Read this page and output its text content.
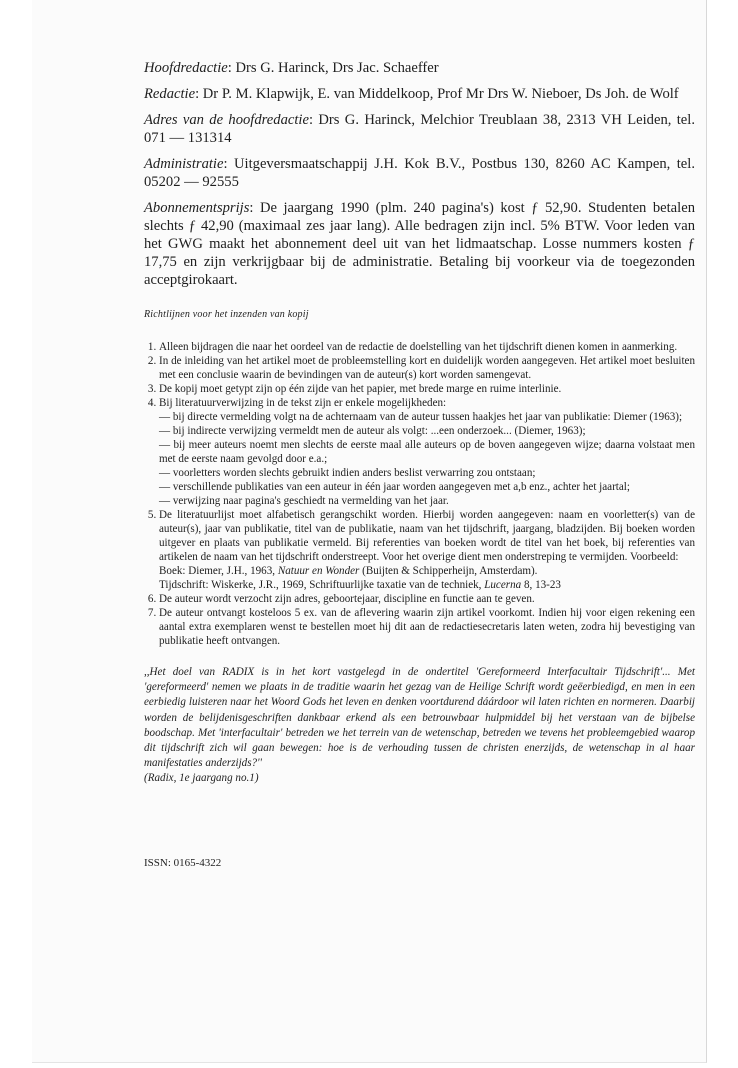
Hoofdredactie: Drs G. Harinck, Drs Jac. Schaeffer

Redactie: Dr P. M. Klapwijk, E. van Middelkoop, Prof Mr Drs W. Nieboer, Ds Joh. de Wolf

Adres van de hoofdredactie: Drs G. Harinck, Melchior Treublaan 38, 2313 VH Leiden, tel. 071 — 131314

Administratie: Uitgeversmaatschappij J.H. Kok B.V., Postbus 130, 8260 AC Kampen, tel. 05202 — 92555

Abonnementsprijs: De jaargang 1990 (plm. 240 pagina's) kost ƒ 52,90. Studenten betalen slechts ƒ 42,90 (maximaal zes jaar lang). Alle bedragen zijn incl. 5% BTW. Voor leden van het GWG maakt het abonnement deel uit van het lidmaatschap. Losse nummers kosten ƒ 17,75 en zijn verkrijgbaar bij de administratie. Betaling bij voorkeur via de toegezonden acceptgirokaart.

Richtlijnen voor het inzenden van kopij
1. Alleen bijdragen die naar het oordeel van de redactie de doelstelling van het tijdschrift dienen komen in aanmerking.
2. In de inleiding van het artikel moet de probleemstelling kort en duidelijk worden aangegeven. Het artikel moet besluiten met een conclusie waarin de bevindingen van de auteur(s) kort worden samengevat.
3. De kopij moet getypt zijn op één zijde van het papier, met brede marge en ruime interlinie.
4. Bij literatuurverwijzing in de tekst zijn er enkele mogelijkheden:
— bij directe vermelding volgt na de achternaam van de auteur tussen haakjes het jaar van publikatie: Diemer (1963);
— bij indirecte verwijzing vermeldt men de auteur als volgt: ...een onderzoek... (Diemer, 1963);
— bij meer auteurs noemt men slechts de eerste maal alle auteurs op de boven aangegeven wijze; daarna volstaat men met de eerste naam gevolgd door e.a.;
— voorletters worden slechts gebruikt indien anders beslist verwarring zou ontstaan;
— verschillende publikaties van een auteur in één jaar worden aangegeven met a,b enz., achter het jaartal;
— verwijzing naar pagina's geschiedt na vermelding van het jaar.
5. De literatuurlijst moet alfabetisch gerangschikt worden. Hierbij worden aangegeven: naam en voorletter(s) van de auteur(s), jaar van publikatie, titel van de publikatie, naam van het tijdschrift, jaargang, bladzijden. Bij boeken worden uitgever en plaats van publikatie vermeld. Bij referenties van boeken wordt de titel van het boek, bij referenties van artikelen de naam van het tijdschrift onderstreept. Voor het overige dient men onderstreping te vermijden. Voorbeeld:
Boek: Diemer, J.H., 1963, Natuur en Wonder (Buijten & Schipperheijn, Amsterdam).
Tijdschrift: Wiskerke, J.R., 1969, Schriftuurlijke taxatie van de techniek, Lucerna 8, 13-23
6. De auteur wordt verzocht zijn adres, geboortejaar, discipline en functie aan te geven.
7. De auteur ontvangt kosteloos 5 ex. van de aflevering waarin zijn artikel voorkomt. Indien hij voor eigen rekening een aantal extra exemplaren wenst te bestellen moet hij dit aan de redactiesecretaris laten weten, zodra hij bevestiging van publikatie heeft ontvangen.
,,Het doel van RADIX is in het kort vastgelegd in de ondertitel 'Gereformeerd Interfacultair Tijdschrift'... Met 'gereformeerd' nemen we plaats in de traditie waarin het gezag van de Heilige Schrift wordt geëerbiedigd, en men in een eerbiedig luisteren naar het Woord Gods het leven en denken voortdurend dáárdoor wil laten richten en normeren. Daarbij worden de belijdenisgeschriften dankbaar erkend als een betrouwbaar hulpmiddel bij het verstaan van de bijbelse boodschap. Met 'interfacultair' betreden we het terrein van de wetenschap, betreden we tevens het probleemgebied waarop dit tijdschrift zich wil gaan bewegen: hoe is de verhouding tussen de christen enerzijds, de wetenschap in al haar manifestaties anderzijds?''
(Radix, 1e jaargang no.1)
ISSN: 0165-4322
